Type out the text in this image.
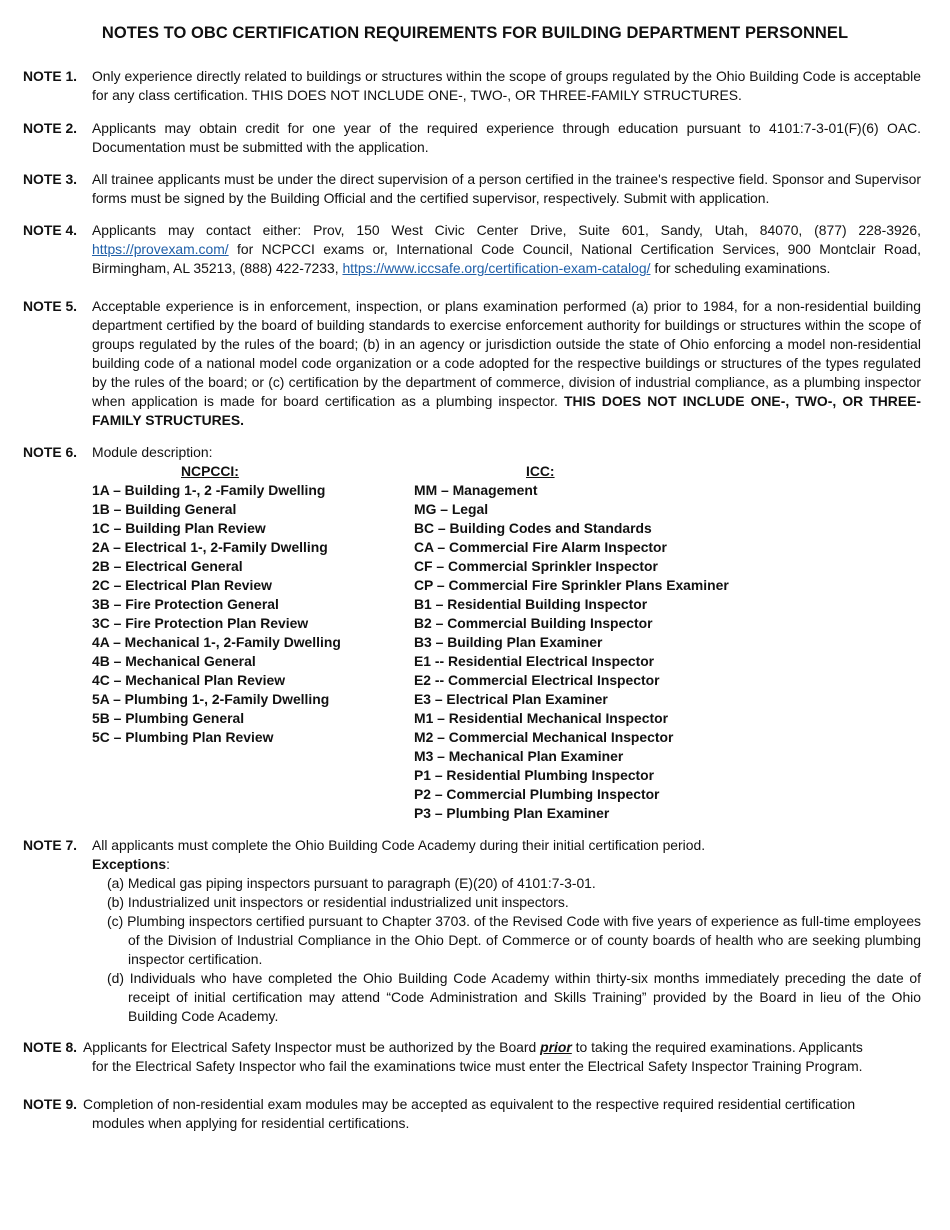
NOTES TO OBC CERTIFICATION REQUIREMENTS FOR BUILDING DEPARTMENT PERSONNEL
NOTE 1. Only experience directly related to buildings or structures within the scope of groups regulated by the Ohio Building Code is acceptable for any class certification. THIS DOES NOT INCLUDE ONE-, TWO-, OR THREE-FAMILY STRUCTURES.
NOTE 2. Applicants may obtain credit for one year of the required experience through education pursuant to 4101:7-3-01(F)(6) OAC. Documentation must be submitted with the application.
NOTE 3. All trainee applicants must be under the direct supervision of a person certified in the trainee's respective field. Sponsor and Supervisor forms must be signed by the Building Official and the certified supervisor, respectively. Submit with application.
NOTE 4. Applicants may contact either: Prov, 150 West Civic Center Drive, Suite 601, Sandy, Utah, 84070, (877) 228-3926, https://provexam.com/ for NCPCCI exams or, International Code Council, National Certification Services, 900 Montclair Road, Birmingham, AL 35213, (888) 422-7233, https://www.iccsafe.org/certification-exam-catalog/ for scheduling examinations.
NOTE 5. Acceptable experience is in enforcement, inspection, or plans examination performed (a) prior to 1984, for a non-residential building department certified by the board of building standards to exercise enforcement authority for buildings or structures within the scope of groups regulated by the rules of the board; (b) in an agency or jurisdiction outside the state of Ohio enforcing a model non-residential building code of a national model code organization or a code adopted for the respective buildings or structures of the types regulated by the rules of the board; or (c) certification by the department of commerce, division of industrial compliance, as a plumbing inspector when application is made for board certification as a plumbing inspector. THIS DOES NOT INCLUDE ONE-, TWO-, OR THREE-FAMILY STRUCTURES.
NOTE 6. Module description:
NCPCCI:
1A – Building 1-, 2 -Family Dwelling
1B – Building General
1C – Building Plan Review
2A – Electrical 1-, 2-Family Dwelling
2B – Electrical General
2C – Electrical Plan Review
3B – Fire Protection General
3C – Fire Protection Plan Review
4A – Mechanical 1-, 2-Family Dwelling
4B – Mechanical General
4C – Mechanical Plan Review
5A – Plumbing 1-, 2-Family Dwelling
5B – Plumbing General
5C – Plumbing Plan Review
ICC:
MM – Management
MG – Legal
BC – Building Codes and Standards
CA – Commercial Fire Alarm Inspector
CF – Commercial Sprinkler Inspector
CP – Commercial Fire Sprinkler Plans Examiner
B1 – Residential Building Inspector
B2 – Commercial Building Inspector
B3 – Building Plan Examiner
E1 -- Residential Electrical Inspector
E2 -- Commercial Electrical Inspector
E3 – Electrical Plan Examiner
M1 – Residential Mechanical Inspector
M2 – Commercial Mechanical Inspector
M3 – Mechanical Plan Examiner
P1 – Residential Plumbing Inspector
P2 – Commercial Plumbing Inspector
P3 – Plumbing Plan Examiner
NOTE 7. All applicants must complete the Ohio Building Code Academy during their initial certification period.
Exceptions:
(a) Medical gas piping inspectors pursuant to paragraph (E)(20) of 4101:7-3-01.
(b) Industrialized unit inspectors or residential industrialized unit inspectors.
(c) Plumbing inspectors certified pursuant to Chapter 3703. of the Revised Code with five years of experience as full-time employees of the Division of Industrial Compliance in the Ohio Dept. of Commerce or of county boards of health who are seeking plumbing inspector certification.
(d) Individuals who have completed the Ohio Building Code Academy within thirty-six months immediately preceding the date of receipt of initial certification may attend “Code Administration and Skills Training” provided by the Board in lieu of the Ohio Building Code Academy.
NOTE 8. Applicants for Electrical Safety Inspector must be authorized by the Board prior to taking the required examinations. Applicants
for the Electrical Safety Inspector who fail the examinations twice must enter the Electrical Safety Inspector Training Program.
NOTE 9. Completion of non-residential exam modules may be accepted as equivalent to the respective required residential certification
modules when applying for residential certifications.
